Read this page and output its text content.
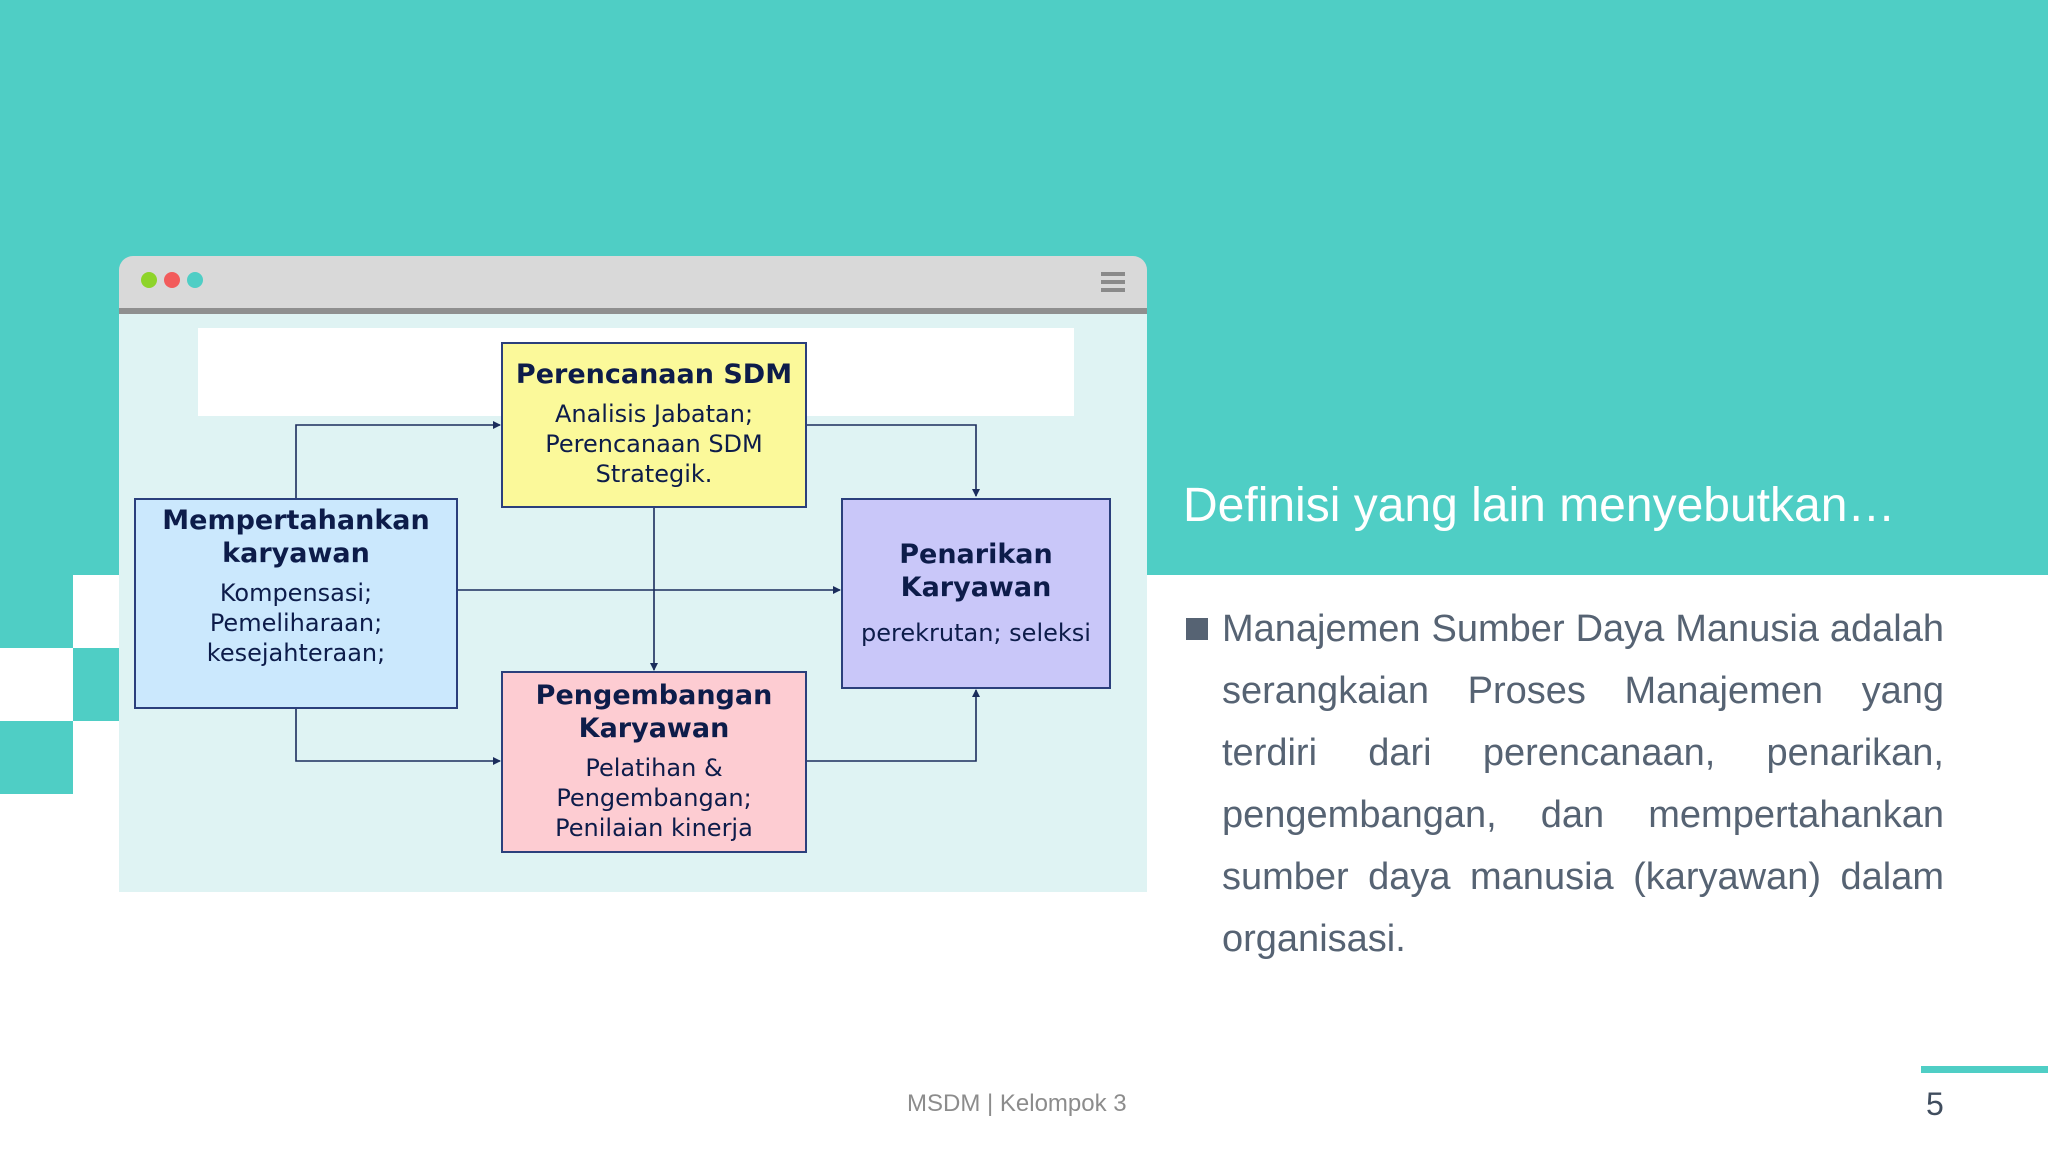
Perencanaan SDM
Analisis Jabatan; Perencanaan SDM Strategik.
Mempertahankan karyawan
Kompensasi; Pemeliharaan; kesejahteraan;
Penarikan Karyawan
perekrutan; seleksi
Pengembangan Karyawan
Pelatihan & Pengembangan; Penilaian kinerja
Definisi yang lain menyebutkan…
Manajemen Sumber Daya Manusia adalah serangkaian Proses Manajemen yang terdiri dari perencanaan, penarikan, pengembangan, dan mempertahankan sumber daya manusia (karyawan) dalam organisasi.
MSDM | Kelompok 3	5
